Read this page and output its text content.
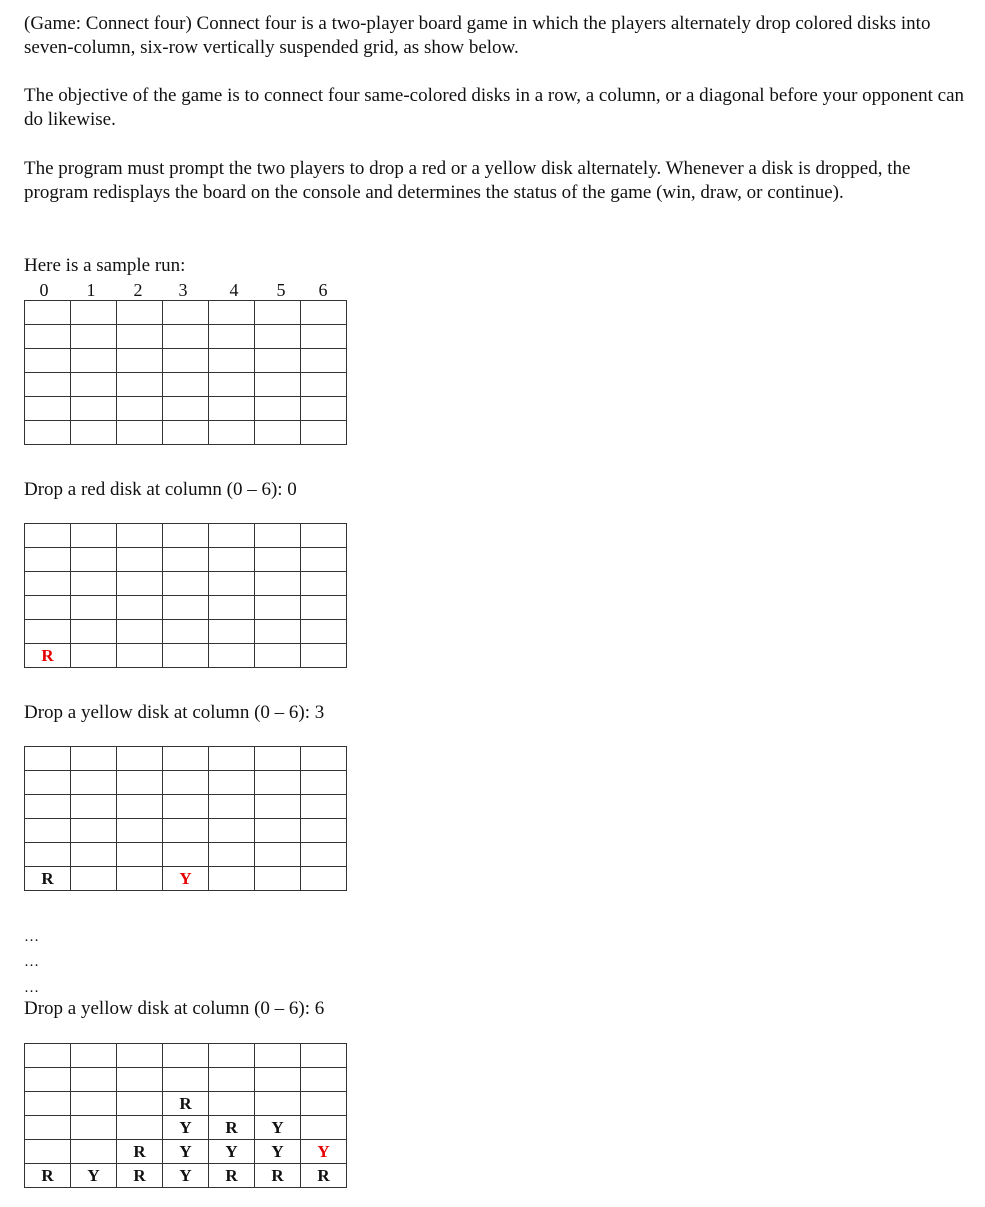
(Game: Connect four) Connect four is a two-player board game in which the players alternately drop colored disks into seven-column, six-row vertically suspended grid, as show below.

The objective of the game is to connect four same-colored disks in a row, a column, or a diagonal before your opponent can do likewise.

The program must prompt the two players to drop a red or a yellow disk alternately. Whenever a disk is dropped, the program redisplays the board on the console and determines the status of the game (win, draw, or continue).

Here is a sample run:
0	1	2	3	4	5	6

Drop a red disk at column (0 – 6): 0

R						
Drop a yellow disk at column (0 – 6): 3

R			Y			
…
…
…
Drop a yellow disk at column (0 – 6): 6

			R			
			Y	R	Y	
		R	Y	Y	Y	Y
R	Y	R	Y	R	R	R
